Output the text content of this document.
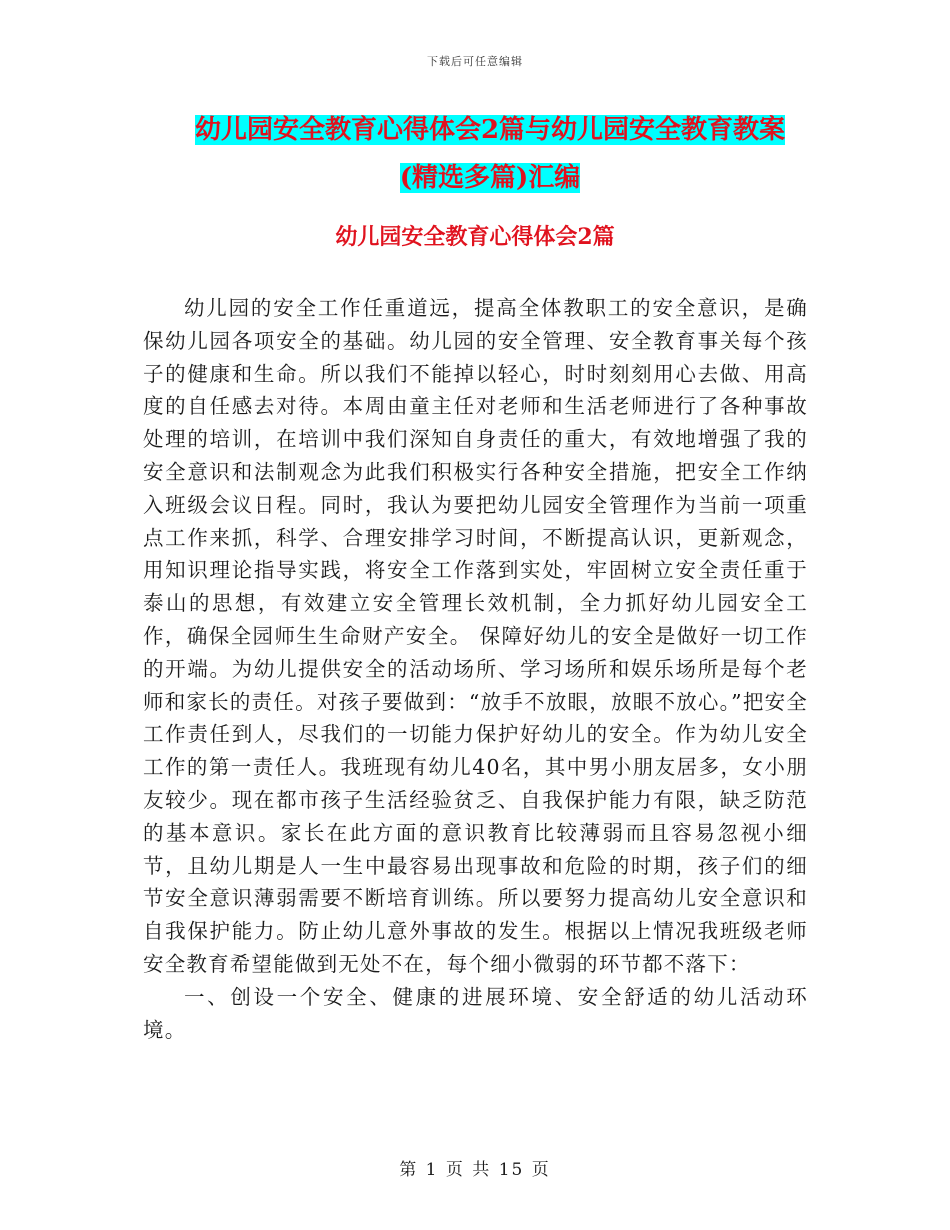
下载后可任意编辑
幼儿园安全教育心得体会2篇与幼儿园安全教育教案
(精选多篇)汇编
幼儿园安全教育心得体会2篇

幼儿园的安全工作任重道远，提高全体教职工的安全意识，是确保幼儿园各项安全的基础。幼儿园的安全管理、安全教育事关每个孩子的健康和生命。所以我们不能掉以轻心，时时刻刻用心去做、用高度的自任感去对待。本周由童主任对老师和生活老师进行了各种事故处理的培训，在培训中我们深知自身责任的重大，有效地增强了我的安全意识和法制观念为此我们积极实行各种安全措施，把安全工作纳入班级会议日程。同时，我认为要把幼儿园安全管理作为当前一项重点工作来抓，科学、合理安排学习时间，不断提高认识，更新观念，用知识理论指导实践，将安全工作落到实处，牢固树立安全责任重于泰山的思想，有效建立安全管理长效机制，全力抓好幼儿园安全工作，确保全园师生生命财产安全。 保障好幼儿的安全是做好一切工作的开端。为幼儿提供安全的活动场所、学习场所和娱乐场所是每个老师和家长的责任。对孩子要做到：“放手不放眼，放眼不放心。”把安全工作责任到人，尽我们的一切能力保护好幼儿的安全。作为幼儿安全工作的第一责任人。我班现有幼儿40名，其中男小朋友居多，女小朋友较少。现在都市孩子生活经验贫乏、自我保护能力有限，缺乏防范的基本意识。家长在此方面的意识教育比较薄弱而且容易忽视小细节，且幼儿期是人一生中最容易出现事故和危险的时期，孩子们的细节安全意识薄弱需要不断培育训练。所以要努力提高幼儿安全意识和自我保护能力。防止幼儿意外事故的发生。根据以上情况我班级老师安全教育希望能做到无处不在，每个细小微弱的环节都不落下：

一、创设一个安全、健康的进展环境、安全舒适的幼儿活动环境。

第 1 页 共 15 页
